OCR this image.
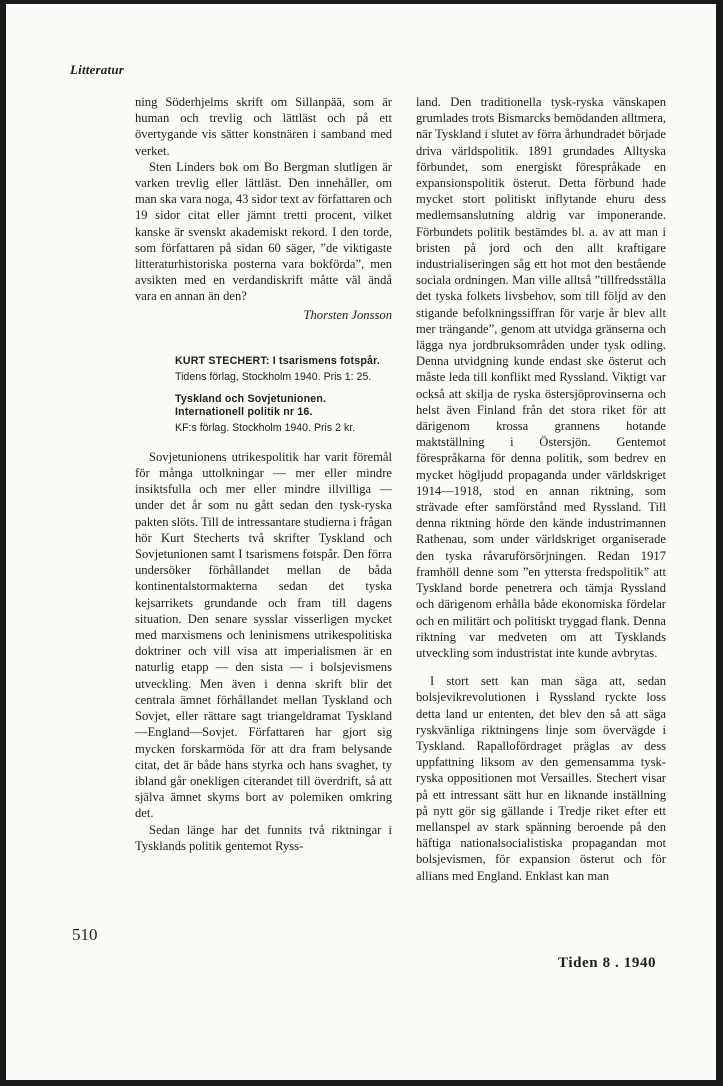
Litteratur

ning Söderhjelms skrift om Sillanpää, som är human och trevlig och lättläst och på ett övertygande vis sätter konstnären i samband med verket.

Sten Linders bok om Bo Bergman slutligen är varken trevlig eller lättläst. Den innehåller, om man ska vara noga, 43 sidor text av författaren och 19 sidor citat eller jämnt tretti procent, vilket kanske är svenskt akademiskt rekord. I den torde, som författaren på sidan 60 säger, ”de viktigaste litteraturhistoriska posterna vara bokförda”, men avsikten med en verdandiskrift måtte väl ändå vara en annan än den?

Thorsten Jonsson
KURT STECHERT: I tsarismens fotspår.
Tidens förlag, Stockholm 1940. Pris 1: 25.
Tyskland och Sovjetunionen. Internationell politik nr 16.
KF:s förlag. Stockholm 1940. Pris 2 kr.

Sovjetunionens utrikespolitik har varit föremål för många uttolkningar — mer eller mindre insiktsfulla och mer eller mindre illvilliga — under det år som nu gått sedan den tysk-ryska pakten slöts. Till de intressantare studierna i frågan hör Kurt Stecherts två skrifter Tyskland och Sovjetunionen samt I tsarismens fotspår. Den förra undersöker förhållandet mellan de båda kontinentalstormakterna sedan det tyska kejsarrikets grundande och fram till dagens situation. Den senare sysslar visserligen mycket med marxismens och leninismens utrikespolitiska doktriner och vill visa att imperialismen är en naturlig etapp — den sista — i bolsjevismens utveckling. Men även i denna skrift blir det centrala ämnet förhållandet mellan Tyskland och Sovjet, eller rättare sagt triangeldramat Tyskland—England—Sovjet. Författaren har gjort sig mycken forskarmöda för att dra fram belysande citat, det är både hans styrka och hans svaghet, ty ibland går onekligen citerandet till överdrift, så att själva ämnet skyms bort av polemiken omkring det.

Sedan länge har det funnits två riktningar i Tysklands politik gentemot Ryss-

land. Den traditionella tysk-ryska vänskapen grumlades trots Bismarcks bemödanden alltmera, när Tyskland i slutet av förra århundradet började driva världspolitik. 1891 grundades Alltyska förbundet, som energiskt förespråkade en expansionspolitik österut. Detta förbund hade mycket stort politiskt inflytande ehuru dess medlemsanslutning aldrig var imponerande. Förbundets politik bestämdes bl. a. av att man i bristen på jord och den allt kraftigare industrialiseringen såg ett hot mot den bestående sociala ordningen. Man ville alltså ”tillfredsställa det tyska folkets livsbehov, som till följd av den stigande befolkningssiffran för varje år blev allt mer trängande”, genom att utvidga gränserna och lägga nya jordbruksområden under tysk odling. Denna utvidgning kunde endast ske österut och måste leda till konflikt med Ryssland. Viktigt var också att skilja de ryska östersjöprovinserna och helst även Finland från det stora riket för att därigenom krossa grannens hotande maktställning i Östersjön. Gentemot förespråkarna för denna politik, som bedrev en mycket högljudd propaganda under världskriget 1914—1918, stod en annan riktning, som strävade efter samförstånd med Ryssland. Till denna riktning hörde den kände industrimannen Rathenau, som under världskriget organiserade den tyska råvaruförsörjningen. Redan 1917 framhöll denne som ”en yttersta fredspolitik” att Tyskland borde penetrera och tämja Ryssland och därigenom erhålla både ekonomiska fördelar och en militärt och politiskt tryggad flank. Denna riktning var medveten om att Tysklands utveckling som industristat inte kunde avbrytas.

I stort sett kan man säga att, sedan bolsjevikrevolutionen i Ryssland ryckte loss detta land ur ententen, det blev den så att säga ryskvänliga riktningens linje som övervägde i Tyskland. Rapallofördraget präglas av dess uppfattning liksom av den gemensamma tysk-ryska oppositionen mot Versailles. Stechert visar på ett intressant sätt hur en liknande inställning på nytt gör sig gällande i Tredje riket efter ett mellanspel av stark spänning beroende på den häftiga nationalsocialistiska propagandan mot bolsjevismen, för expansion österut och för allians med England. Enklast kan man

510
Tiden 8 . 1940
